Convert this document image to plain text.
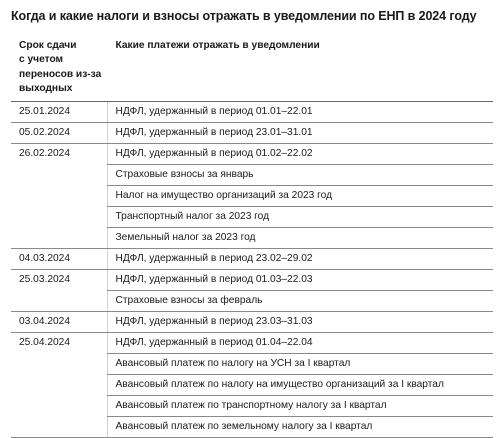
Когда и какие налоги и взносы отражать в уведомлении по ЕНП в 2024 году
Срок сдачи
с учетом
переносов из-за
выходных	Какие платежи отражать в уведомлении
25.01.2024	НДФЛ, удержанный в период 01.01–22.01
05.02.2024	НДФЛ, удержанный в период 23.01–31.01
26.02.2024	НДФЛ, удержанный в период 01.02–22.02
	Страховые взносы за январь
	Налог на имущество организаций за 2023 год
	Транспортный налог за 2023 год
	Земельный налог за 2023 год
04.03.2024	НДФЛ, удержанный в период 23.02–29.02
25.03.2024	НДФЛ, удержанный в период 01.03–22.03
	Страховые взносы за февраль
03.04.2024	НДФЛ, удержанный в период 23.03–31.03
25.04.2024	НДФЛ, удержанный в период 01.04–22.04
	Авансовый платеж по налогу на УСН за I квартал
	Авансовый платеж по налогу на имущество организаций за I квартал
	Авансовый платеж по транспортному налогу за I квартал
	Авансовый платеж по земельному налогу за I квартал
